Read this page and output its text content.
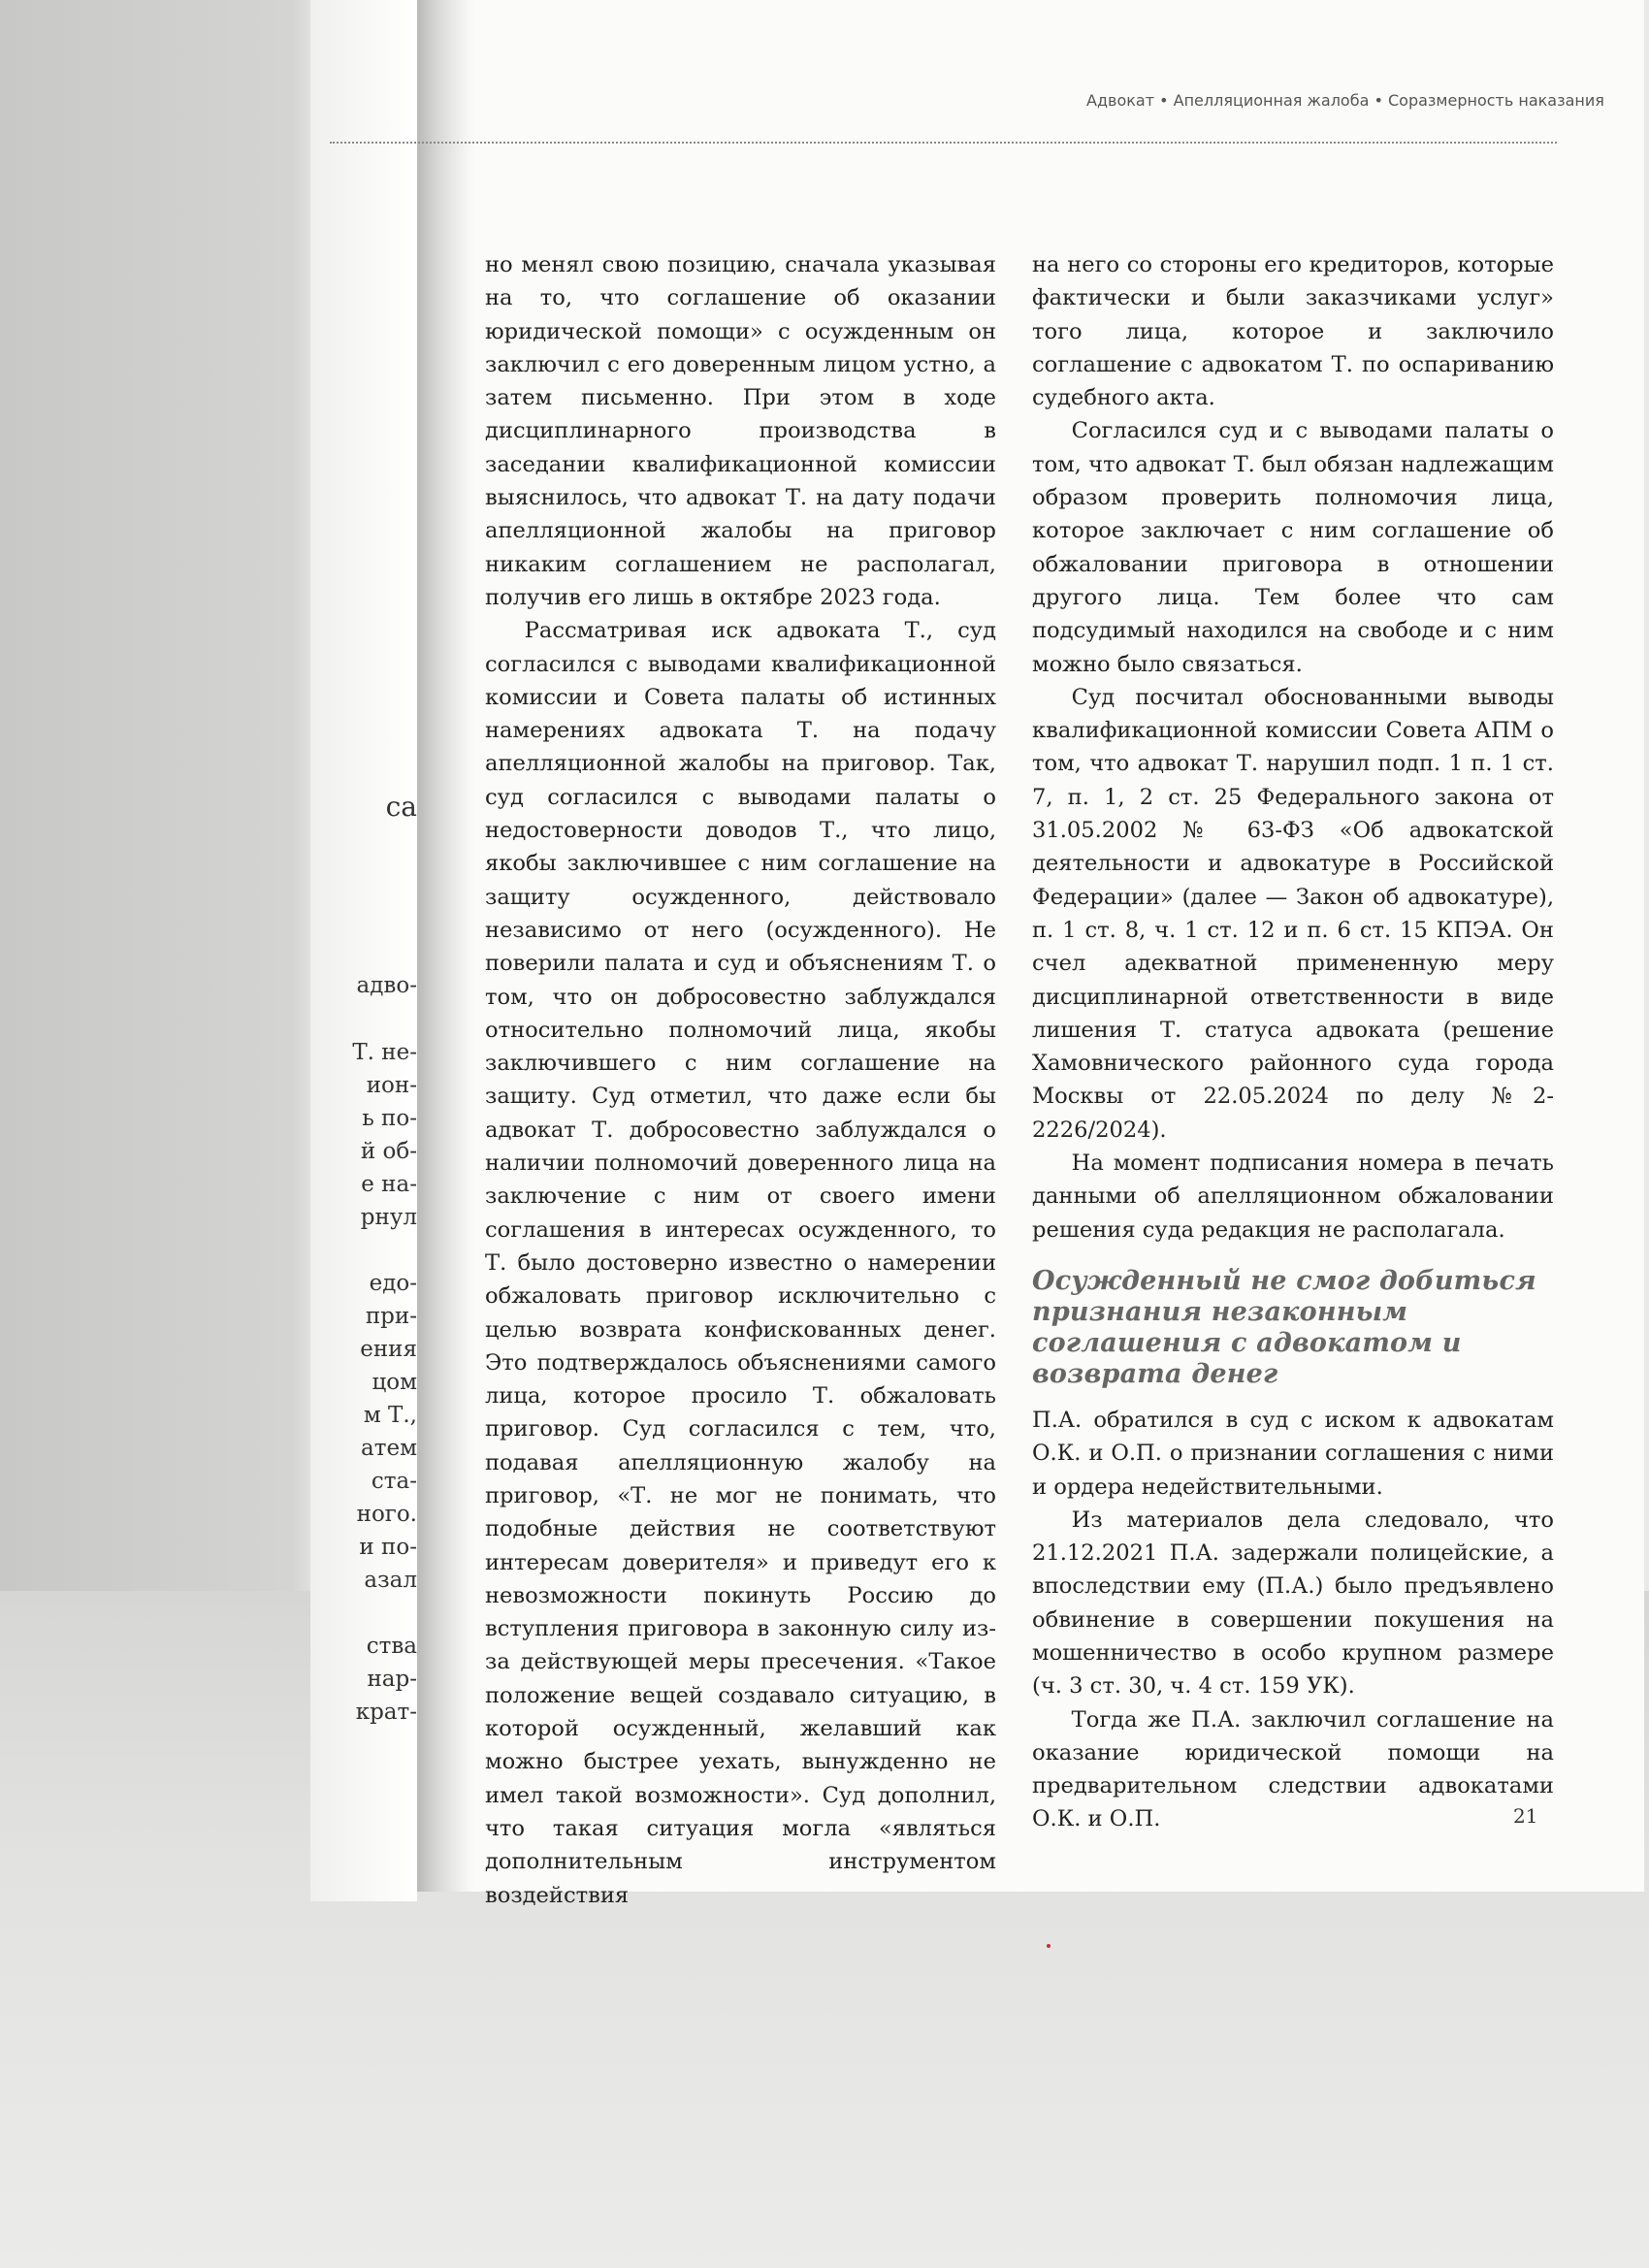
са
адво-
Т. не-
ион-
ь по-
й об-
е на-
рнул
едо-
при-
ения
цом
м Т.,
атем
ста-
ного.
и по-
азал
ства
нар-
крат-
Адвокат • Апелляционная жалоба • Соразмерность наказания

но менял свою позицию, сначала указывая на то, что соглашение об оказании юридической помощи» с осужденным он заключил с его доверенным лицом устно, а затем письменно. При этом в ходе дисциплинарного производства в заседании квалификационной комиссии выяснилось, что адвокат Т. на дату подачи апелляционной жалобы на приговор никаким соглашением не располагал, получив его лишь в октябре 2023 года.

Рассматривая иск адвоката Т., суд согласился с выводами квалификационной комиссии и Совета палаты об истинных намерениях адвоката Т. на подачу апелляционной жалобы на приговор. Так, суд согласился с выводами палаты о недостоверности доводов Т., что лицо, якобы заключившее с ним соглашение на защиту осужденного, действовало независимо от него (осужденного). Не поверили палата и суд и объяснениям Т. о том, что он добросовестно заблуждался относительно полномочий лица, якобы заключившего с ним соглашение на защиту. Суд отметил, что даже если бы адвокат Т. добросовестно заблуждался о наличии полномочий доверенного лица на заключение с ним от своего имени соглашения в интересах осужденного, то Т. было достоверно известно о намерении обжаловать приговор исключительно с целью возврата конфискованных денег. Это подтверждалось объяснениями самого лица, которое просило Т. обжаловать приговор. Суд согласился с тем, что, подавая апелляционную жалобу на приговор, «Т. не мог не понимать, что подобные действия не соответствуют интересам доверителя» и приведут его к невозможности покинуть Россию до вступления приговора в законную силу из-за действующей меры пресечения. «Такое положение вещей создавало ситуацию, в которой осужденный, желавший как можно быстрее уехать, вынужденно не имел такой возможности». Суд дополнил, что такая ситуация могла «являться дополнительным инструментом воздействия

на него со стороны его кредиторов, которые фактически и были заказчиками услуг» того лица, которое и заключило соглашение с адвокатом Т. по оспариванию судебного акта.

Согласился суд и с выводами палаты о том, что адвокат Т. был обязан надлежащим образом проверить полномочия лица, которое заключает с ним соглашение об обжаловании приговора в отношении другого лица. Тем более что сам подсудимый находился на свободе и с ним можно было связаться.

Суд посчитал обоснованными выводы квалификационной комиссии Совета АПМ о том, что адвокат Т. нарушил подп. 1 п. 1 ст. 7, п. 1, 2 ст. 25 Федерального закона от 31.05.2002 № 63-ФЗ «Об адвокатской деятельности и адвокатуре в Российской Федерации» (далее — Закон об адвокатуре), п. 1 ст. 8, ч. 1 ст. 12 и п. 6 ст. 15 КПЭА. Он счел адекватной примененную меру дисциплинарной ответственности в виде лишения Т. статуса адвоката (решение Хамовнического районного суда города Москвы от 22.05.2024 по делу №2-2226/2024).

На момент подписания номера в печать данными об апелляционном обжаловании решения суда редакция не располагала.

Осужденный не смог добиться признания незаконным соглашения с адвокатом и возврата денег

П.А. обратился в суд с иском к адвокатам О.К. и О.П. о признании соглашения с ними и ордера недействительными.

Из материалов дела следовало, что 21.12.2021 П.А. задержали полицейские, а впоследствии ему (П.А.) было предъявлено обвинение в совершении покушения на мошенничество в особо крупном размере (ч. 3 ст. 30, ч. 4 ст. 159 УК).

Тогда же П.А. заключил соглашение на оказание юридической помощи на предварительном следствии адвокатами О.К. и О.П.	21
